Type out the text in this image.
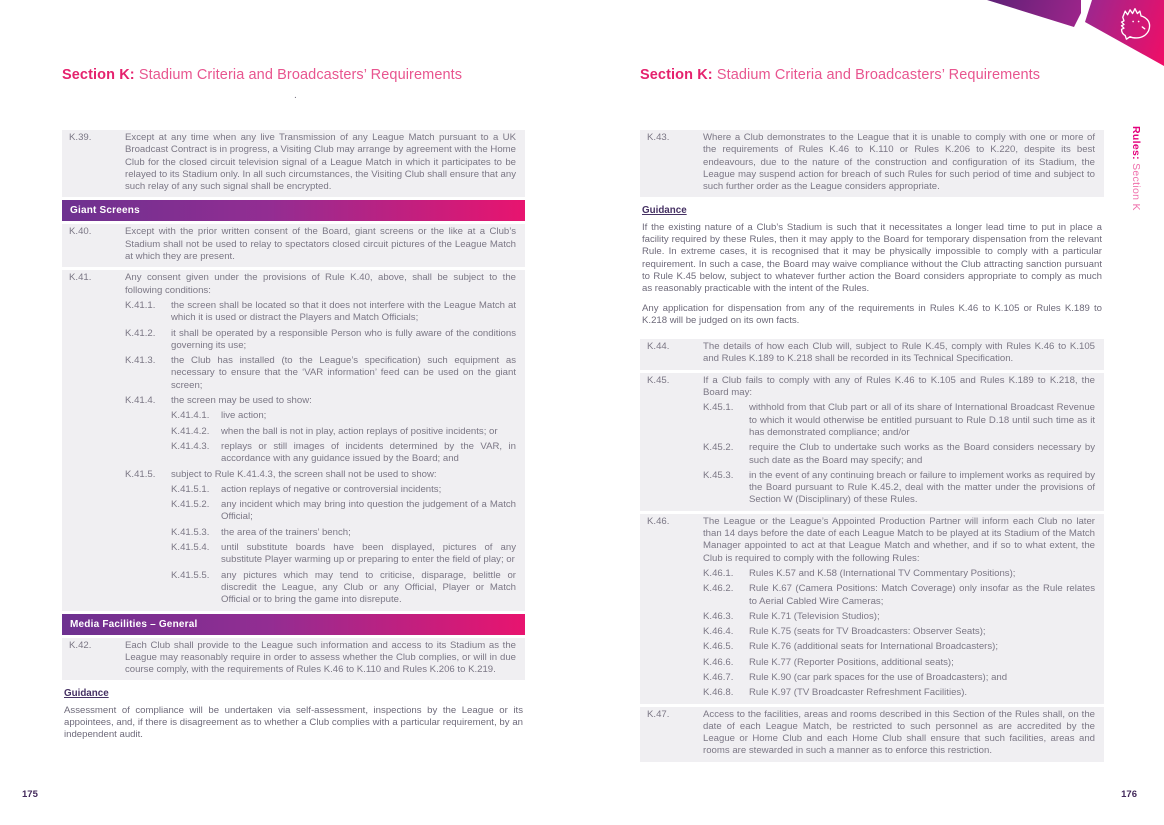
Rules: Section K
Section K: Stadium Criteria and Broadcasters’ Requirements
.
K.39.	Except at any time when any live Transmission of any League Match pursuant to a UK Broadcast Contract is in progress, a Visiting Club may arrange by agreement with the Home Club for the closed circuit television signal of a League Match in which it participates to be relayed to its Stadium only. In all such circumstances, the Visiting Club shall ensure that any such relay of any such signal shall be encrypted.

Giant Screens
K.40.	Except with the prior written consent of the Board, giant screens or the like at a Club’s Stadium shall not be used to relay to spectators closed circuit pictures of the League Match at which they are present.

K.41.	Any consent given under the provisions of Rule K.40, above, shall be subject to the following conditions:

K.41.1.	the screen shall be located so that it does not interfere with the League Match at which it is used or distract the Players and Match Officials;

K.41.2.	it shall be operated by a responsible Person who is fully aware of the conditions governing its use;

K.41.3.	the Club has installed (to the League’s specification) such equipment as necessary to ensure that the ‘VAR information’ feed can be used on the giant screen;

K.41.4.	the screen may be used to show:

K.41.4.1.	live action;

K.41.4.2.	when the ball is not in play, action replays of positive incidents; or

K.41.4.3.	replays or still images of incidents determined by the VAR, in accordance with any guidance issued by the Board; and

K.41.5.	subject to Rule K.41.4.3, the screen shall not be used to show:

K.41.5.1.	action replays of negative or controversial incidents;

K.41.5.2.	any incident which may bring into question the judgement of a Match Official;

K.41.5.3.	the area of the trainers’ bench;

K.41.5.4.	until substitute boards have been displayed, pictures of any substitute Player warming up or preparing to enter the field of play; or

K.41.5.5.	any pictures which may tend to criticise, disparage, belittle or discredit the League, any Club or any Official, Player or Match Official or to bring the game into disrepute.

Media Facilities – General
K.42.	Each Club shall provide to the League such information and access to its Stadium as the League may reasonably require in order to assess whether the Club complies, or will in due course comply, with the requirements of Rules K.46 to K.110 and Rules K.206 to K.219.

Guidance

Assessment of compliance will be undertaken via self-assessment, inspections by the League or its appointees, and, if there is disagreement as to whether a Club complies with a particular requirement, by an independent audit.

175
Section K: Stadium Criteria and Broadcasters’ Requirements
K.43.	Where a Club demonstrates to the League that it is unable to comply with one or more of the requirements of Rules K.46 to K.110 or Rules K.206 to K.220, despite its best endeavours, due to the nature of the construction and configuration of its Stadium, the League may suspend action for breach of such Rules for such period of time and subject to such further order as the League considers appropriate.

Guidance

If the existing nature of a Club’s Stadium is such that it necessitates a longer lead time to put in place a facility required by these Rules, then it may apply to the Board for temporary dispensation from the relevant Rule. In extreme cases, it is recognised that it may be physically impossible to comply with a particular requirement. In such a case, the Board may waive compliance without the Club attracting sanction pursuant to Rule K.45 below, subject to whatever further action the Board considers appropriate to comply as much as reasonably practicable with the intent of the Rules.

Any application for dispensation from any of the requirements in Rules K.46 to K.105 or Rules K.189 to K.218 will be judged on its own facts.

K.44.	The details of how each Club will, subject to Rule K.45, comply with Rules K.46 to K.105 and Rules K.189 to K.218 shall be recorded in its Technical Specification.

K.45.	If a Club fails to comply with any of Rules K.46 to K.105 and Rules K.189 to K.218, the Board may:

K.45.1.	withhold from that Club part or all of its share of International Broadcast Revenue to which it would otherwise be entitled pursuant to Rule D.18 until such time as it has demonstrated compliance; and/or

K.45.2.	require the Club to undertake such works as the Board considers necessary by such date as the Board may specify; and

K.45.3.	in the event of any continuing breach or failure to implement works as required by the Board pursuant to Rule K.45.2, deal with the matter under the provisions of Section W (Disciplinary) of these Rules.

K.46.	The League or the League’s Appointed Production Partner will inform each Club no later than 14 days before the date of each League Match to be played at its Stadium of the Match Manager appointed to act at that League Match and whether, and if so to what extent, the Club is required to comply with the following Rules:

K.46.1.	Rules K.57 and K.58 (International TV Commentary Positions);

K.46.2.	Rule K.67 (Camera Positions: Match Coverage) only insofar as the Rule relates to Aerial Cabled Wire Cameras;

K.46.3.	Rule K.71 (Television Studios);

K.46.4.	Rule K.75 (seats for TV Broadcasters: Observer Seats);

K.46.5.	Rule K.76 (additional seats for International Broadcasters);

K.46.6.	Rule K.77 (Reporter Positions, additional seats);

K.46.7.	Rule K.90 (car park spaces for the use of Broadcasters); and

K.46.8.	Rule K.97 (TV Broadcaster Refreshment Facilities).

K.47.	Access to the facilities, areas and rooms described in this Section of the Rules shall, on the date of each League Match, be restricted to such personnel as are accredited by the League or Home Club and each Home Club shall ensure that such facilities, areas and rooms are stewarded in such a manner as to enforce this restriction.

176
